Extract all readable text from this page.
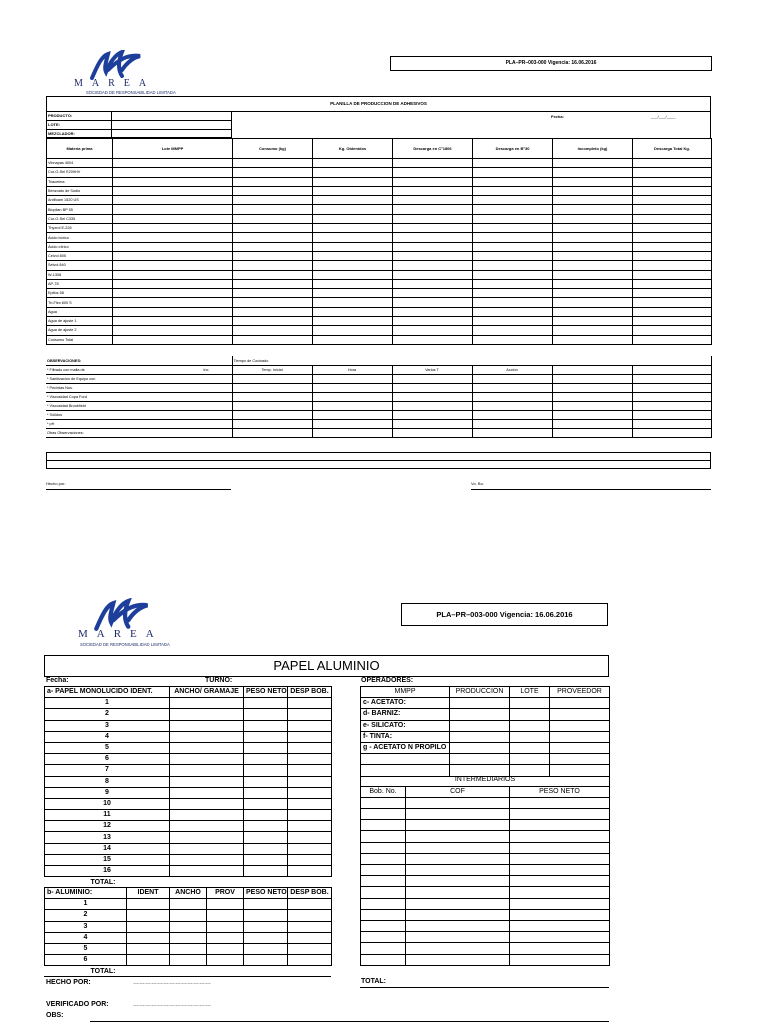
MAREA
SOCIEDAD DE RESPONSABILIDAD LIMITADA
PLA–PR–003-000 Vigencia: 16.06.2016
PLANILLA DE PRODUCCION DE ADHESIVOS
PRODUCTO:
LOTE:
MEZCLADOR:
Fecha:	___/___/____
Materia prima	Lote MMPP	Consumo (kg)	Kg. Obtenidos	Descarga en C°1806	Descarga en B°30	Incompleto (kg)	Descarga Total Kg.
Vinnapas 4004							
Cur-O-Sel E209HV							
Triacetina							
Benzoato de Sodio							
Antifoam 1520 US							
Biopilan BP 55							
Cur-O-Sel C335							
Thyxrol E-226							
Ácido bórico							
Ácido cítrico							
Celvol 805							
Selvol 840							
W-1308							
AP-78							
Epifos 58							
Tri-Flex 600 S							
Agua							
Agua de ajuste 1							
Agua de ajuste 2							
Consumo Total							
OBSERVACIONES:	Tiempo de Cocinado					
* Filtrado con malla de Inc.	Temp. Inicial	Hora	Varios T	Acción		
* Sanitización de Equipo con						
* Pecintas Nos.						
* Viscosidad Copa Ford						
* Viscosidad Brookfield						
* Sólidos						
* pH						
Otras Observaciones:						
Hecho por:	Vo. Bo.
MAREA
SOCIEDAD DE RESPONSABILIDAD LIMITADA
PLA–PR–003-000 Vigencia: 16.06.2016
PAPEL ALUMINIO
Fecha:	TURNO:	OPERADORES:
a- PAPEL MONOLUCIDO IDENT.	ANCHO/ GRAMAJE	PESO NETO	DESP BOB.
1			
2			
3			
4			
5			
6			
7			
8			
9			
10			
11			
12			
13			
14			
15			
16			
TOTAL:			
b- ALUMINIO:	IDENT	ANCHO	PROV	PESO NETO	DESP BOB.
1					
2					
3					
4					
5					
6					
TOTAL:					
HECHO POR:	…………………………………
VERIFICADO POR:	…………………………………
OBS:
MMPP	PRODUCCION	LOTE	PROVEEDOR
c- ACETATO:			
d- BARNIZ:			
e- SILICATO:			
f- TINTA:			
g - ACETATO N PROPILO			

INTERMEDIARIOS		
Bob. No.	COF	PESO NETO

TOTAL:
